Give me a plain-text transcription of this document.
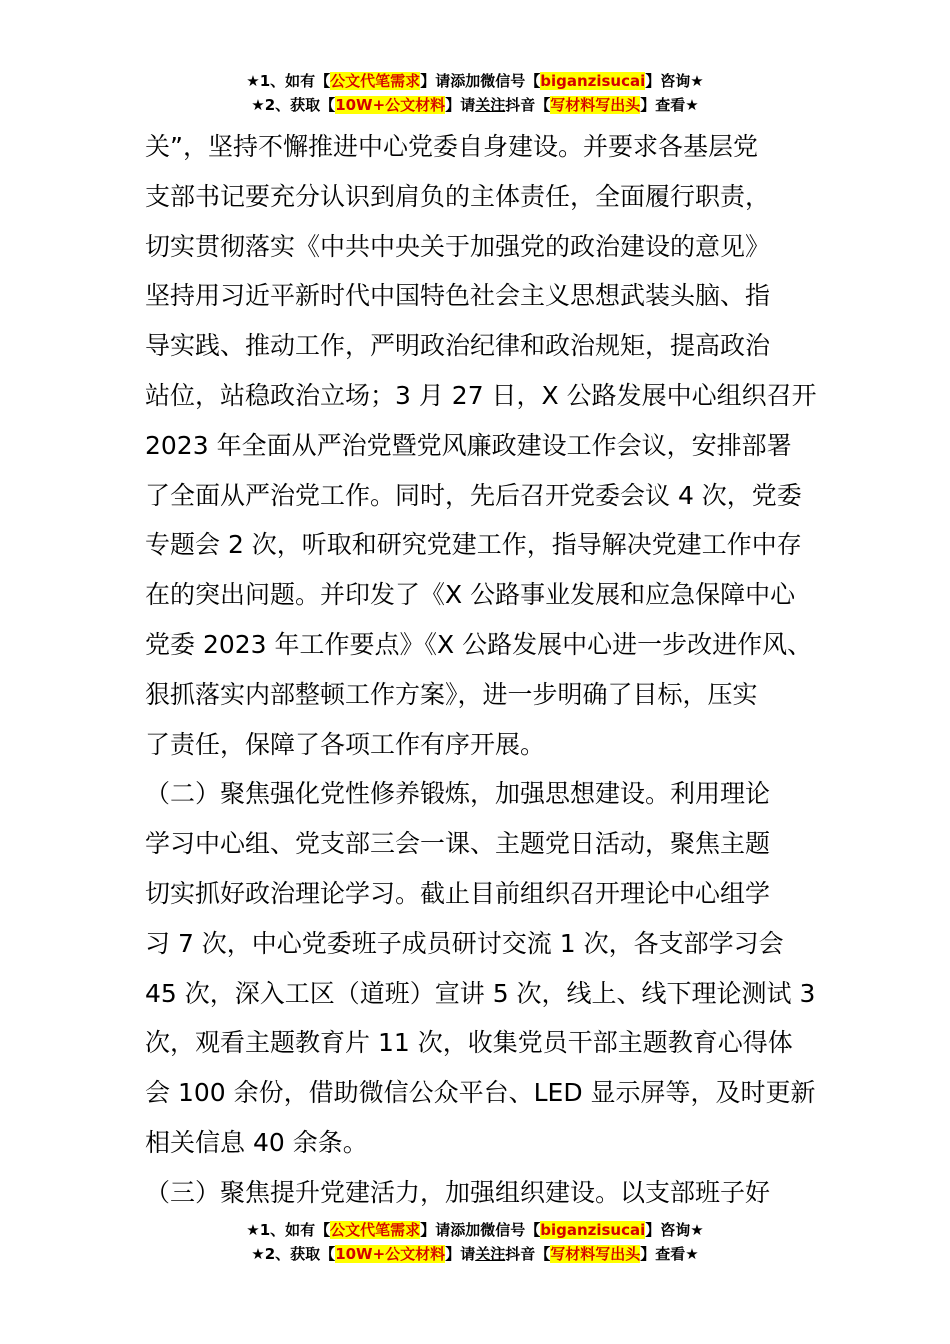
★1、如有【公文代笔需求】请添加微信号【biganzisucai】咨询★
★2、获取【10W+公文材料】请关注抖音【写材料写出头】查看★
关”，坚持不懈推进中心党委自身建设。并要求各基层党
支部书记要充分认识到肩负的主体责任，全面履行职责，
切实贯彻落实《中共中央关于加强党的政治建设的意见》
坚持用习近平新时代中国特色社会主义思想武装头脑、指
导实践、推动工作，严明政治纪律和政治规矩，提高政治
站位，站稳政治立场；3 月 27 日，X 公路发展中心组织召开
2023 年全面从严治党暨党风廉政建设工作会议，安排部署
了全面从严治党工作。同时，先后召开党委会议 4 次，党委
专题会 2 次，听取和研究党建工作，指导解决党建工作中存
在的突出问题。并印发了《X 公路事业发展和应急保障中心
党委 2023 年工作要点》《X 公路发展中心进一步改进作风、
狠抓落实内部整顿工作方案》，进一步明确了目标，压实
了责任，保障了各项工作有序开展。
（二）聚焦强化党性修养锻炼，加强思想建设。利用理论
学习中心组、党支部三会一课、主题党日活动，聚焦主题
切实抓好政治理论学习。截止目前组织召开理论中心组学
习 7 次，中心党委班子成员研讨交流 1 次，各支部学习会
45 次，深入工区（道班）宣讲 5 次，线上、线下理论测试 3
次，观看主题教育片 11 次，收集党员干部主题教育心得体
会 100 余份，借助微信公众平台、LED 显示屏等，及时更新
相关信息 40 余条。
（三）聚焦提升党建活力，加强组织建设。以支部班子好
★1、如有【公文代笔需求】请添加微信号【biganzisucai】咨询★
★2、获取【10W+公文材料】请关注抖音【写材料写出头】查看★
